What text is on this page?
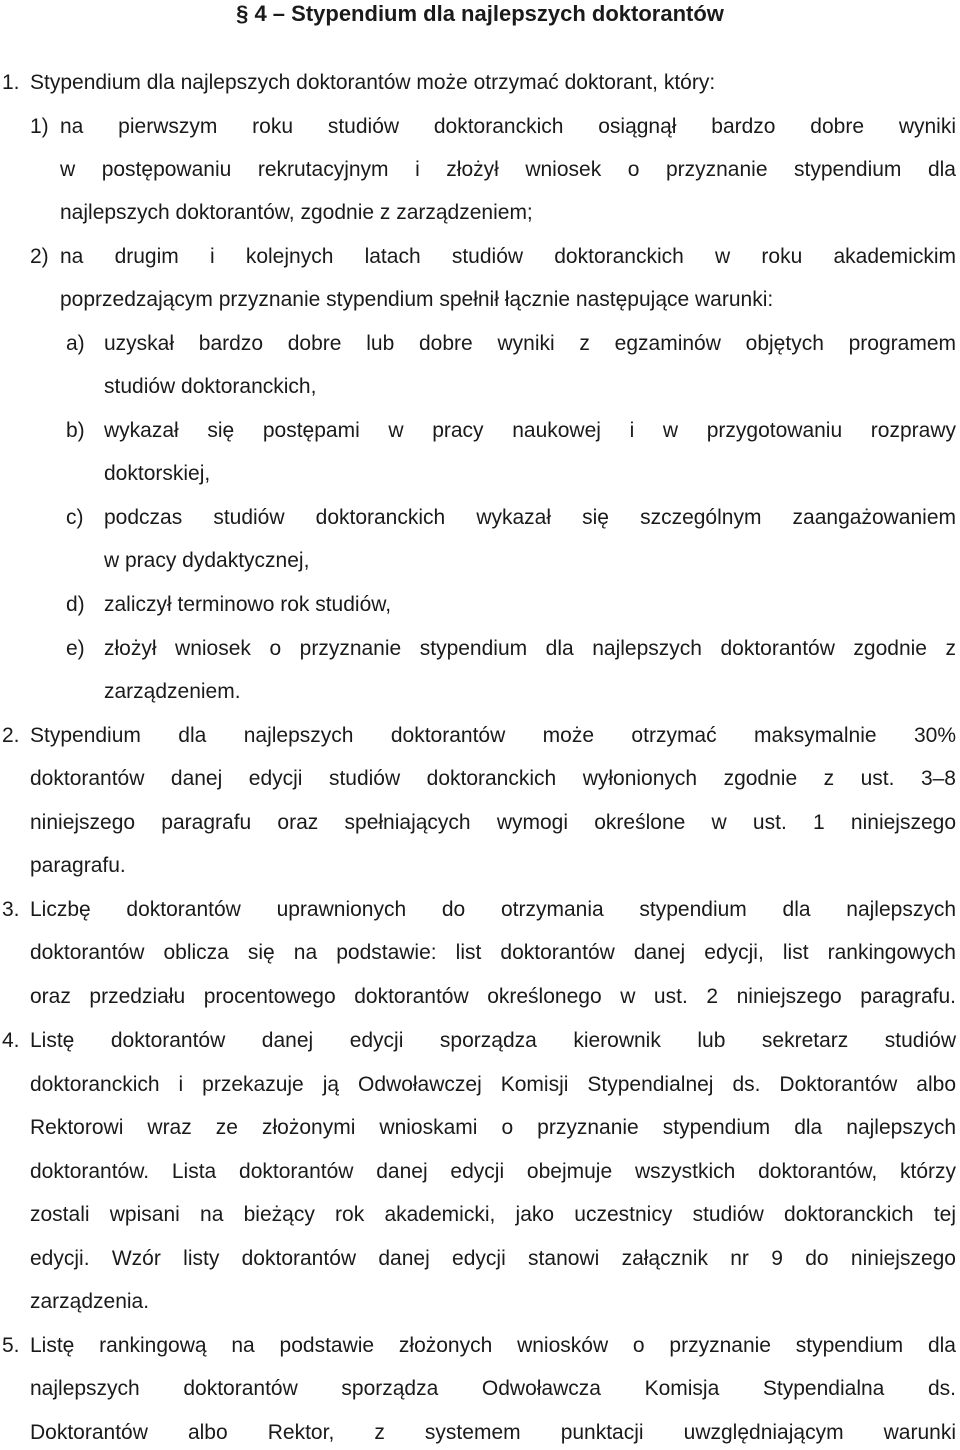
§ 4 – Stypendium dla najlepszych doktorantów
1. Stypendium dla najlepszych doktorantów może otrzymać doktorant, który:
1) na pierwszym roku studiów doktoranckich osiągnął bardzo dobre wyniki
w postępowaniu rekrutacyjnym i złożył wniosek o przyznanie stypendium dla
najlepszych doktorantów, zgodnie z zarządzeniem;
2) na drugim i kolejnych latach studiów doktoranckich w roku akademickim
poprzedzającym przyznanie stypendium spełnił łącznie następujące warunki:
a) uzyskał bardzo dobre lub dobre wyniki z egzaminów objętych programem
studiów doktoranckich,
b) wykazał się postępami w pracy naukowej i w przygotowaniu rozprawy
doktorskiej,
c) podczas studiów doktoranckich wykazał się szczególnym zaangażowaniem
w pracy dydaktycznej,
d) zaliczył terminowo rok studiów,
e) złożył wniosek o przyznanie stypendium dla najlepszych doktorantów zgodnie z
zarządzeniem.
2. Stypendium dla najlepszych doktorantów może otrzymać maksymalnie 30%
doktorantów danej edycji studiów doktoranckich wyłonionych zgodnie z ust. 3–8
niniejszego paragrafu oraz spełniających wymogi określone w ust. 1 niniejszego
paragrafu.
3. Liczbę doktorantów uprawnionych do otrzymania stypendium dla najlepszych
doktorantów oblicza się na podstawie: list doktorantów danej edycji, list rankingowych
oraz przedziału procentowego doktorantów określonego w ust. 2 niniejszego paragrafu.
4. Listę doktorantów danej edycji sporządza kierownik lub sekretarz studiów
doktoranckich i przekazuje ją Odwoławczej Komisji Stypendialnej ds. Doktorantów albo
Rektorowi wraz ze złożonymi wnioskami o przyznanie stypendium dla najlepszych
doktorantów. Lista doktorantów danej edycji obejmuje wszystkich doktorantów, którzy
zostali wpisani na bieżący rok akademicki, jako uczestnicy studiów doktoranckich tej
edycji. Wzór listy doktorantów danej edycji stanowi załącznik nr 9 do niniejszego
zarządzenia.
5. Listę rankingową na podstawie złożonych wniosków o przyznanie stypendium dla
najlepszych doktorantów sporządza Odwoławcza Komisja Stypendialna ds.
Doktorantów albo Rektor, z systemem punktacji uwzględniającym warunki
